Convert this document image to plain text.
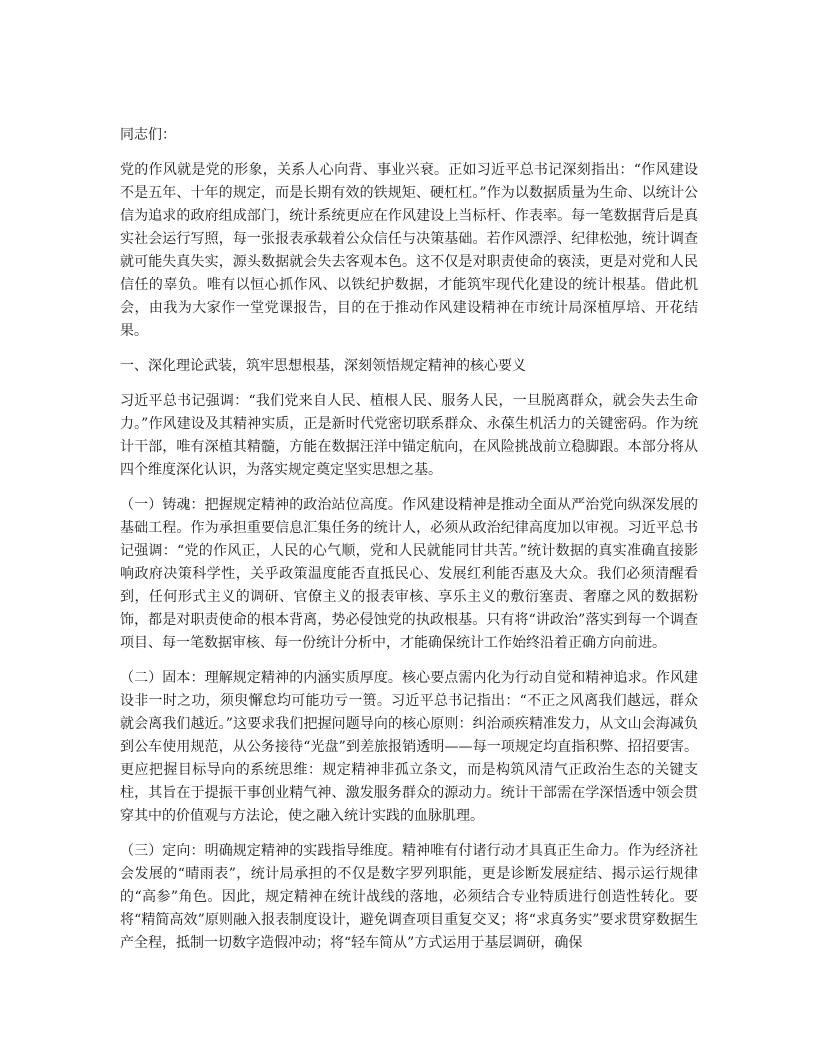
同志们：

党的作风就是党的形象，关系人心向背、事业兴衰。正如习近平总书记深刻指出：“作风建设不是五年、十年的规定，而是长期有效的铁规矩、硬杠杠。”作为以数据质量为生命、以统计公信为追求的政府组成部门，统计系统更应在作风建设上当标杆、作表率。每一笔数据背后是真实社会运行写照，每一张报表承载着公众信任与决策基础。若作风漂浮、纪律松弛，统计调查就可能失真失实，源头数据就会失去客观本色。这不仅是对职责使命的亵渎，更是对党和人民信任的辜负。唯有以恒心抓作风、以铁纪护数据，才能筑牢现代化建设的统计根基。借此机会，由我为大家作一堂党课报告，目的在于推动作风建设精神在市统计局深植厚培、开花结果。

一、深化理论武装，筑牢思想根基，深刻领悟规定精神的核心要义

习近平总书记强调：“我们党来自人民、植根人民、服务人民，一旦脱离群众，就会失去生命力。”作风建设及其精神实质，正是新时代党密切联系群众、永葆生机活力的关键密码。作为统计干部，唯有深植其精髓，方能在数据汪洋中锚定航向，在风险挑战前立稳脚跟。本部分将从四个维度深化认识，为落实规定奠定坚实思想之基。

（一）铸魂：把握规定精神的政治站位高度。作风建设精神是推动全面从严治党向纵深发展的基础工程。作为承担重要信息汇集任务的统计人，必须从政治纪律高度加以审视。习近平总书记强调：“党的作风正，人民的心气顺，党和人民就能同甘共苦。”统计数据的真实准确直接影响政府决策科学性，关乎政策温度能否直抵民心、发展红利能否惠及大众。我们必须清醒看到，任何形式主义的调研、官僚主义的报表审核、享乐主义的敷衍塞责、奢靡之风的数据粉饰，都是对职责使命的根本背离，势必侵蚀党的执政根基。只有将“讲政治”落实到每一个调查项目、每一笔数据审核、每一份统计分析中，才能确保统计工作始终沿着正确方向前进。

（二）固本：理解规定精神的内涵实质厚度。核心要点需内化为行动自觉和精神追求。作风建设非一时之功，须臾懈怠均可能功亏一篑。习近平总书记指出：“不正之风离我们越远，群众就会离我们越近。”这要求我们把握问题导向的核心原则：纠治顽疾精准发力，从文山会海减负到公车使用规范，从公务接待“光盘”到差旅报销透明——每一项规定均直指积弊、招招要害。更应把握目标导向的系统思维：规定精神非孤立条文，而是构筑风清气正政治生态的关键支柱，其旨在于提振干事创业精气神、激发服务群众的源动力。统计干部需在学深悟透中领会贯穿其中的价值观与方法论，使之融入统计实践的血脉肌理。

（三）定向：明确规定精神的实践指导维度。精神唯有付诸行动才具真正生命力。作为经济社会发展的“晴雨表”，统计局承担的不仅是数字罗列职能，更是诊断发展症结、揭示运行规律的“高参”角色。因此，规定精神在统计战线的落地，必须结合专业特质进行创造性转化。要将“精简高效”原则融入报表制度设计，避免调查项目重复交叉；将“求真务实”要求贯穿数据生产全程，抵制一切数字造假冲动；将“轻车简从”方式运用于基层调研，确保
